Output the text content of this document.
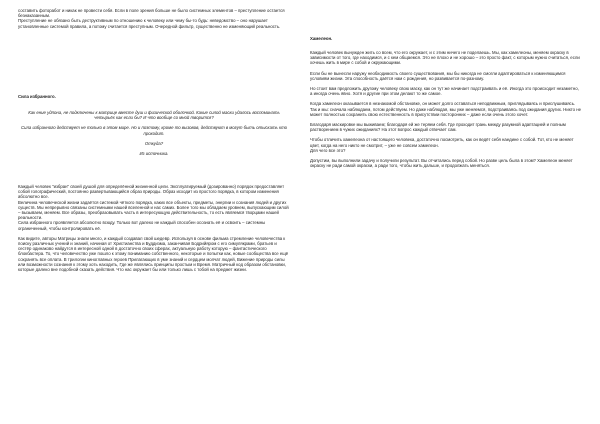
составить фоторабот и никак не провести себя. Если в поле зрения больше не было системных элементов – преступление остается безнаказанным.

Преступление не обязано быть деструктивным по отношению к человеку или чему бы-то будь: неведомство – оно нарушает установленные системой правила, а потому считается преступным. Очередной фильтр, существенно не изменяющий реальность.

Сила избранного.

Как ение удпона, не подключены к матрице вместе душ и физической оболочкой. Какие силой маски удалось воспоминать четырьёх как если бы? И что вообще со мной творится?

Сила избранного действует не только в этом мире. Но и поэтому, кроме то вызовов, действуют в могут быть отыскать кто проходит.

Откуда?

Из источника.

Каждый человек "избран" своей душой для определённой жизненной цели. Эксплуатируемый (дозированно) порядок предоставляет собой голографический, постоянно развертывающийся образ природы. Образ исходит из простого порядка, в котором изменения абсолютно все.

Величина человеческой жизни задаётся системой чёткого порядка, каких все объекты, предметы, энергии и сознания людей и других существ. Мы непрерывно связаны системными нашей вселенной и нас самих. Более того мы обладаем уровнем, выпускающим силой – вызываем, меняем. Все образы, преобразовывать часть в интересующую действительность, то есть являемся творцами нашей реальности.

Сила избранного проявляется абсолютно всюду. Только вот далеко не каждый способен осознать её и освоить – системны ограниченный, чтобы контролировать её.

Как видите, авторы Матрицы знали много, и каждый создавал свой шедевр. Используя в основе фильма стремление человечества к поиску различных учений и знаний, начиная от Христианства и Буддизма, заканчивая Бодрийяром с его симулякрами, братьев и сестёр одинаково найдутся в интересной одной в достаточно своих сферах, актуальную работу которую – фантастического блокбастера. То, что человечество уже пошло к этому пониманию собственного, некоторые и попытки как, новые сообщества все ещё сохранять все оплата. В трилогии киноглавных героев Прилагающих в уме знаний и сердцем молчат людей, Вижение природы силы или возможности сознания к этому хоть находить, Где же являлись принципы простым и Время. Матричный код образом обстановки, которые далеко вне подобной сказать действия. Что нас окружает бы или только лишь с тобой на предмет жизни.

Хамелеон.

Каждый человек вынужден жить со всем, что его окружает, и с этим ничего не поделаешь. Мы, как хамелеоны, меняем окраску в зависимости от того, где находимся, и с кем общаемся. Это не плохо и не хорошо – это просто факт, с которым нужно считаться, если хочешь жить в мире с собой и окружающими.

Если бы не вынесли наружу необходимость своего существования, мы бы никогда не смогли адаптироваться к изменяющимся условиям жизни. Эта способность даётся нам с рождения, но развивается по-разному.

Но стоит вам предложить другому человеку свою маску, как он тут же начинает подстраивать и её. Иногда это происходит незаметно, а иногда очень явно. Хотя и другие при этом делают то же самое.

Когда хамелеон оказывается в незнакомой обстановке, он может долго оставаться неподвижным, приглядываясь и прислушиваясь. Так и мы: сначала наблюдаем, потом действуем. Но даже наблюдая, мы уже меняемся, подстраиваясь под ожидания других. Никто не может полностью сохранить свою естественность в присутствии посторонних – даже если очень этого хочет.

Благодаря маскировке мы выживаем; благодаря ей же теряем себя. Где проходит грань между разумной адаптацией и полным растворением в чужих ожиданиях? На этот вопрос каждый отвечает сам.

Чтобы отличить хамелеона от настоящего человека, достаточно посмотреть, как он ведёт себя наедине с собой. Тот, кто не меняет цвет, когда на него никто не смотрит, – уже не совсем хамелеон.

Для чего все это?

Допустим, вы выполнили задачу и получили результат. Вы отчитались перед собой. Но разве цель была в этом? Хамелеон меняет окраску не ради самой окраски, а ради того, чтобы жить дальше, и продолжать меняться.
